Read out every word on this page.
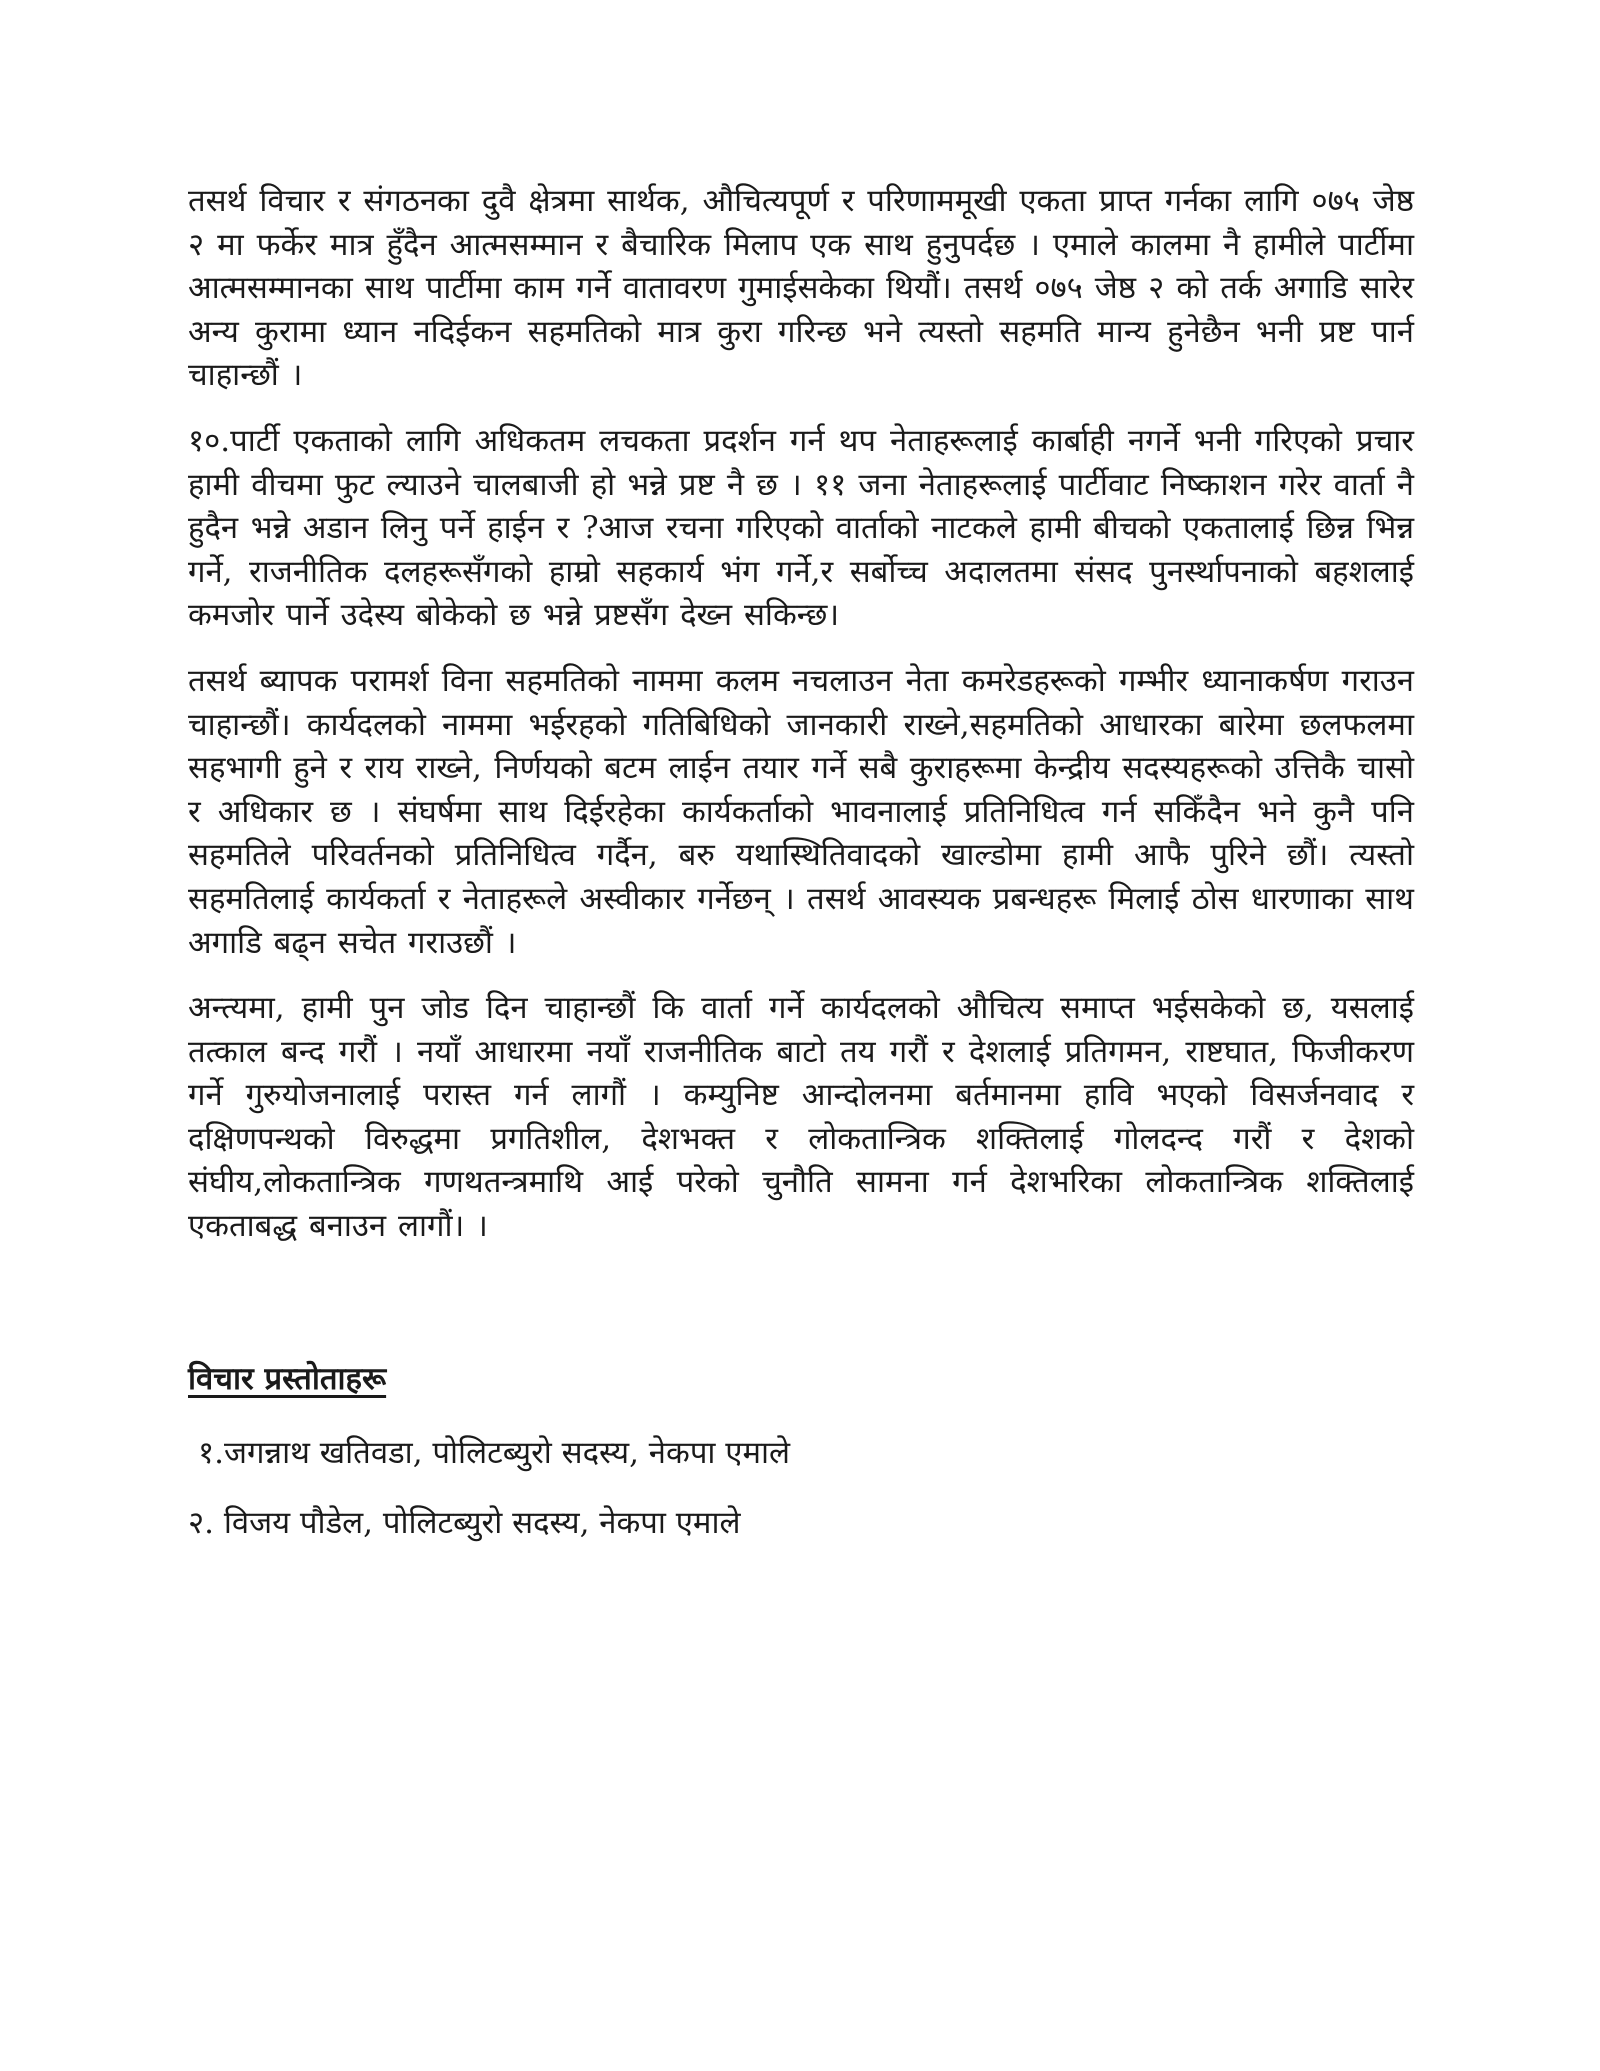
तसर्थ विचार र संगठनका दुवै क्षेत्रमा सार्थक, औचित्यपूर्ण र परिणाममूखी एकता प्राप्त गर्नका लागि ०७५ जेष्ठ २ मा फर्केर मात्र हुँदैन आत्मसम्मान र बैचारिक मिलाप एक साथ हुनुपर्दछ । एमाले कालमा नै हामीले पार्टीमा आत्मसम्मानका साथ पार्टीमा काम गर्ने वातावरण गुमाईसकेका थियौं। तसर्थ ०७५ जेष्ठ २ को तर्क अगाडि सारेर अन्य कुरामा ध्यान नदिईकन सहमतिको मात्र कुरा गरिन्छ भने त्यस्तो सहमति मान्य हुनेछैन भनी प्रष्ट पार्न चाहान्छौं ।

१०.पार्टी एकताको लागि अधिकतम लचकता प्रदर्शन गर्न थप नेताहरूलाई कार्बाही नगर्ने भनी गरिएको प्रचार हामी वीचमा फुट ल्याउने चालबाजी हो भन्ने प्रष्ट नै छ । ११ जना नेताहरूलाई पार्टीवाट निष्काशन गरेर वार्ता नै हुदैन भन्ने अडान लिनु पर्ने हाईन र ?आज रचना गरिएको वार्ताको नाटकले हामी बीचको एकतालाई छिन्न भिन्न गर्ने, राजनीतिक दलहरूसँगको हाम्रो सहकार्य भंग गर्ने,र सर्बोच्च अदालतमा संसद पुनर्स्थापनाको बहशलाई कमजोर पार्ने उदेस्य बोकेको छ भन्ने प्रष्टसँग देख्न सकिन्छ।

तसर्थ ब्यापक परामर्श विना सहमतिको नाममा कलम नचलाउन नेता कमरेडहरूको गम्भीर ध्यानाकर्षण गराउन चाहान्छौं। कार्यदलको नाममा भईरहको गतिबिधिको जानकारी राख्ने,सहमतिको आधारका बारेमा छलफलमा सहभागी हुने र राय राख्ने, निर्णयको बटम लाईन तयार गर्ने सबै कुराहरूमा केन्द्रीय सदस्यहरूको उत्तिकै चासो र अधिकार छ । संघर्षमा साथ दिईरहेका कार्यकर्ताको भावनालाई प्रतिनिधित्व गर्न सकिँदैन भने कुनै पनि सहमतिले परिवर्तनको प्रतिनिधित्व गर्दैन, बरु यथास्थितिवादको खाल्डोमा हामी आफै पुरिने छौं। त्यस्तो सहमतिलाई कार्यकर्ता र नेताहरूले अस्वीकार गर्नेछन् । तसर्थ आवस्यक प्रबन्धहरू मिलाई ठोस धारणाका साथ अगाडि बढ्न सचेत गराउछौं ।

अन्त्यमा, हामी पुन जोड दिन चाहान्छौं कि वार्ता गर्ने कार्यदलको औचित्य समाप्त भईसकेको छ, यसलाई तत्काल बन्द गरौं । नयाँ आधारमा नयाँ राजनीतिक बाटो तय गरौं र देशलाई प्रतिगमन, राष्टघात, फिजीकरण गर्ने गुरुयोजनालाई परास्त गर्न लागौं । कम्युनिष्ट आन्दोलनमा बर्तमानमा हावि भएको विसर्जनवाद र दक्षिणपन्थको विरुद्धमा प्रगतिशील, देशभक्त र लोकतान्त्रिक शक्तिलाई गोलदन्द गरौं र देशको संघीय,लोकतान्त्रिक गणथतन्त्रमाथि आई परेको चुनौति सामना गर्न देशभरिका लोकतान्त्रिक शक्तिलाई एकताबद्ध बनाउन लागौं। ।

विचार प्रस्तोताहरू
१.जगन्नाथ खतिवडा, पोलिटब्युरो सदस्य, नेकपा एमाले
२. विजय पौडेल, पोलिटब्युरो सदस्य, नेकपा एमाले
